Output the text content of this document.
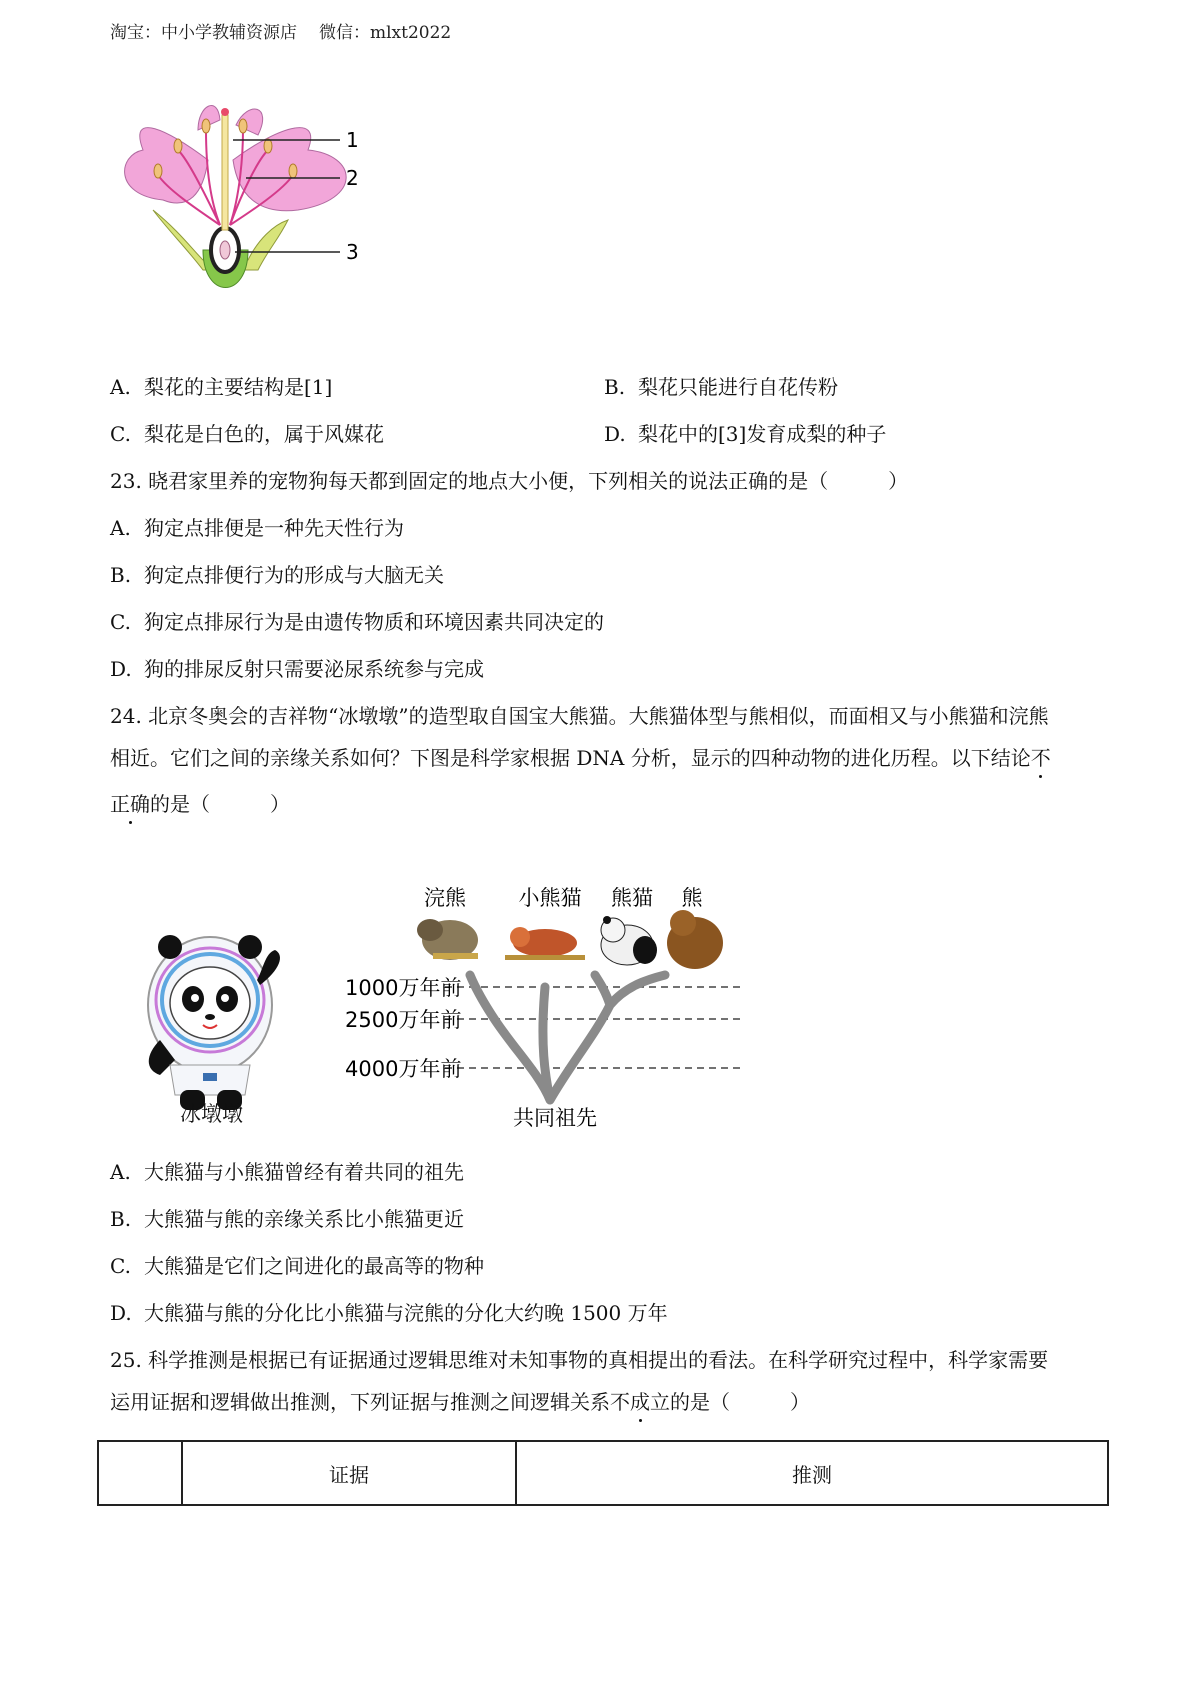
淘宝：中小学教辅资源店 微信：mlxt2022
1
2
3
A. 梨花的主要结构是[1]	B. 梨花只能进行自花传粉
C. 梨花是白色的，属于风媒花	D. 梨花中的[3]发育成梨的种子
23. 晓君家里养的宠物狗每天都到固定的地点大小便，下列相关的说法正确的是（　　　）
A. 狗定点排便是一种先天性行为
B. 狗定点排便行为的形成与大脑无关
C. 狗定点排尿行为是由遗传物质和环境因素共同决定的
D. 狗的排尿反射只需要泌尿系统参与完成
24. 北京冬奥会的吉祥物“冰墩墩”的造型取自国宝大熊猫。大熊猫体型与熊相似，而面相又与小熊猫和浣熊
相近。它们之间的亲缘关系如何？下图是科学家根据 DNA 分析，显示的四种动物的进化历程。以下结论不
正确的是（　　　）
冰墩墩
浣熊	小熊猫 熊猫 熊
1000万年前
2500万年前
4000万年前
共同祖先
A. 大熊猫与小熊猫曾经有着共同的祖先
B. 大熊猫与熊的亲缘关系比小熊猫更近
C. 大熊猫是它们之间进化的最高等的物种
D. 大熊猫与熊的分化比小熊猫与浣熊的分化大约晚 1500 万年
25. 科学推测是根据已有证据通过逻辑思维对未知事物的真相提出的看法。在科学研究过程中，科学家需要
运用证据和逻辑做出推测，下列证据与推测之间逻辑关系不成立的是（　　　）
	证据	推测
